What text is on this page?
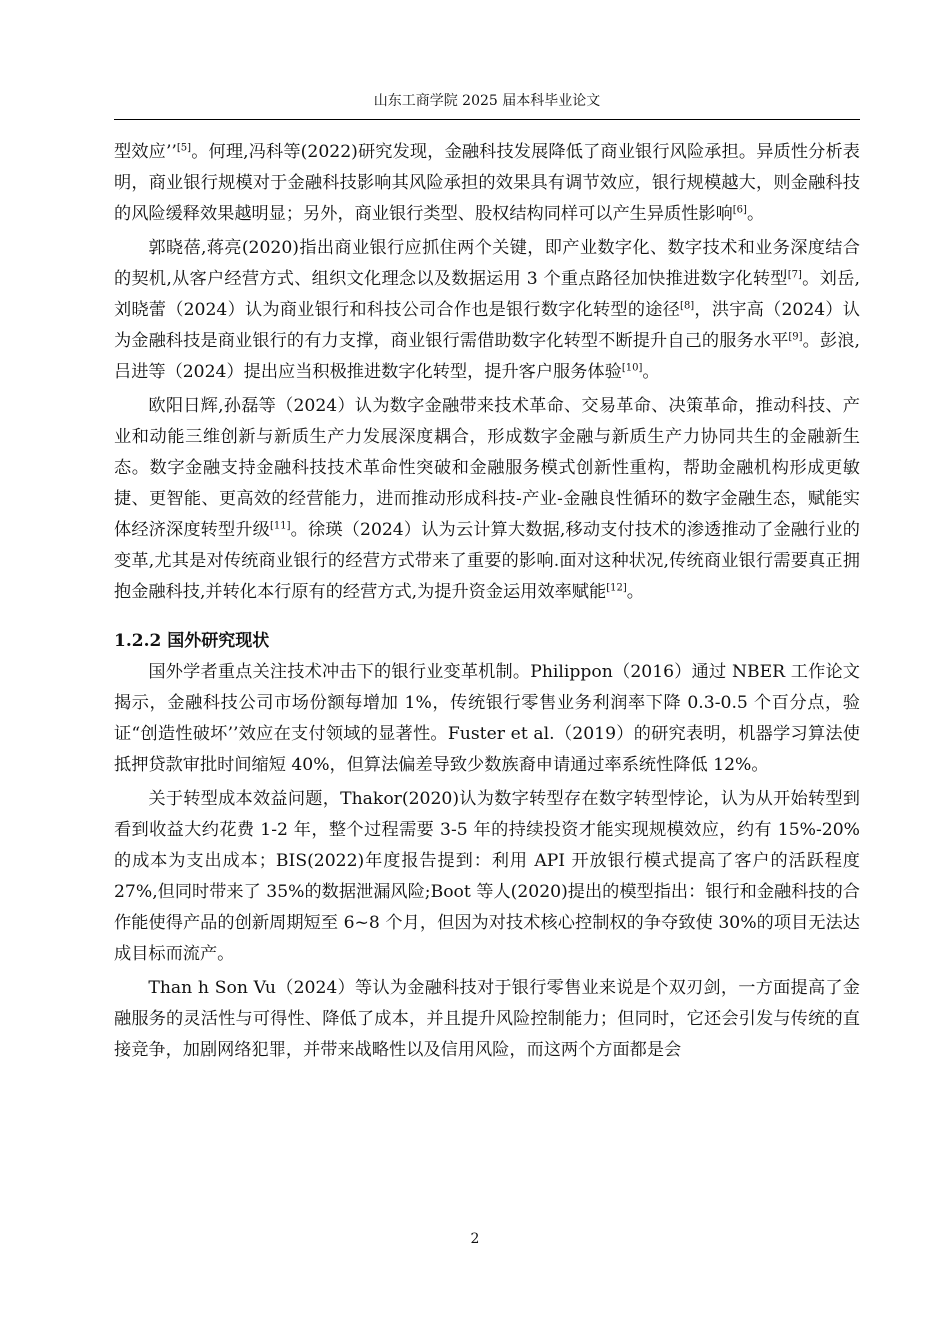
山东工商学院 2025 届本科毕业论文

型效应’’[5]。何理,冯科等(2022)研究发现，金融科技发展降低了商业银行风险承担。异质性分析表明，商业银行规模对于金融科技影响其风险承担的效果具有调节效应，银行规模越大，则金融科技的风险缓释效果越明显；另外，商业银行类型、股权结构同样可以产生异质性影响[6]。

郭晓蓓,蒋亮(2020)指出商业银行应抓住两个关键，即产业数字化、数字技术和业务深度结合的契机,从客户经营方式、组织文化理念以及数据运用 3 个重点路径加快推进数字化转型[7]。刘岳,刘晓蕾（2024）认为商业银行和科技公司合作也是银行数字化转型的途径[8]，洪宇高（2024）认为金融科技是商业银行的有力支撑，商业银行需借助数字化转型不断提升自己的服务水平[9]。彭浪,吕进等（2024）提出应当积极推进数字化转型，提升客户服务体验[10]。

欧阳日辉,孙磊等（2024）认为数字金融带来技术革命、交易革命、决策革命，推动科技、产业和动能三维创新与新质生产力发展深度耦合，形成数字金融与新质生产力协同共生的金融新生态。数字金融支持金融科技技术革命性突破和金融服务模式创新性重构，帮助金融机构形成更敏捷、更智能、更高效的经营能力，进而推动形成科技-产业-金融良性循环的数字金融生态，赋能实体经济深度转型升级[11]。徐瑛（2024）认为云计算大数据,移动支付技术的渗透推动了金融行业的变革,尤其是对传统商业银行的经营方式带来了重要的影响.面对这种状况,传统商业银行需要真正拥抱金融科技,并转化本行原有的经营方式,为提升资金运用效率赋能[12]。

1.2.2 国外研究现状

国外学者重点关注技术冲击下的银行业变革机制。Philippon（2016）通过 NBER 工作论文揭示，金融科技公司市场份额每增加 1%，传统银行零售业务利润率下降 0.3-0.5 个百分点，验证“创造性破坏’’效应在支付领域的显著性。Fuster et al.（2019）的研究表明，机器学习算法使抵押贷款审批时间缩短 40%，但算法偏差导致少数族裔申请通过率系统性降低 12%。

关于转型成本效益问题，Thakor(2020)认为数字转型存在数字转型悖论，认为从开始转型到看到收益大约花费 1-2 年，整个过程需要 3-5 年的持续投资才能实现规模效应，约有 15%-20%的成本为支出成本；BIS(2022)年度报告提到：利用 API 开放银行模式提高了客户的活跃程度 27%,但同时带来了 35%的数据泄漏风险;Boot 等人(2020)提出的模型指出：银行和金融科技的合作能使得产品的创新周期短至 6~8 个月，但因为对技术核心控制权的争夺致使 30%的项目无法达成目标而流产。

Than h Son Vu（2024）等认为金融科技对于银行零售业来说是个双刃剑，一方面提高了金融服务的灵活性与可得性、降低了成本，并且提升风险控制能力；但同时，它还会引发与传统的直接竞争，加剧网络犯罪，并带来战略性以及信用风险，而这两个方面都是会

2
